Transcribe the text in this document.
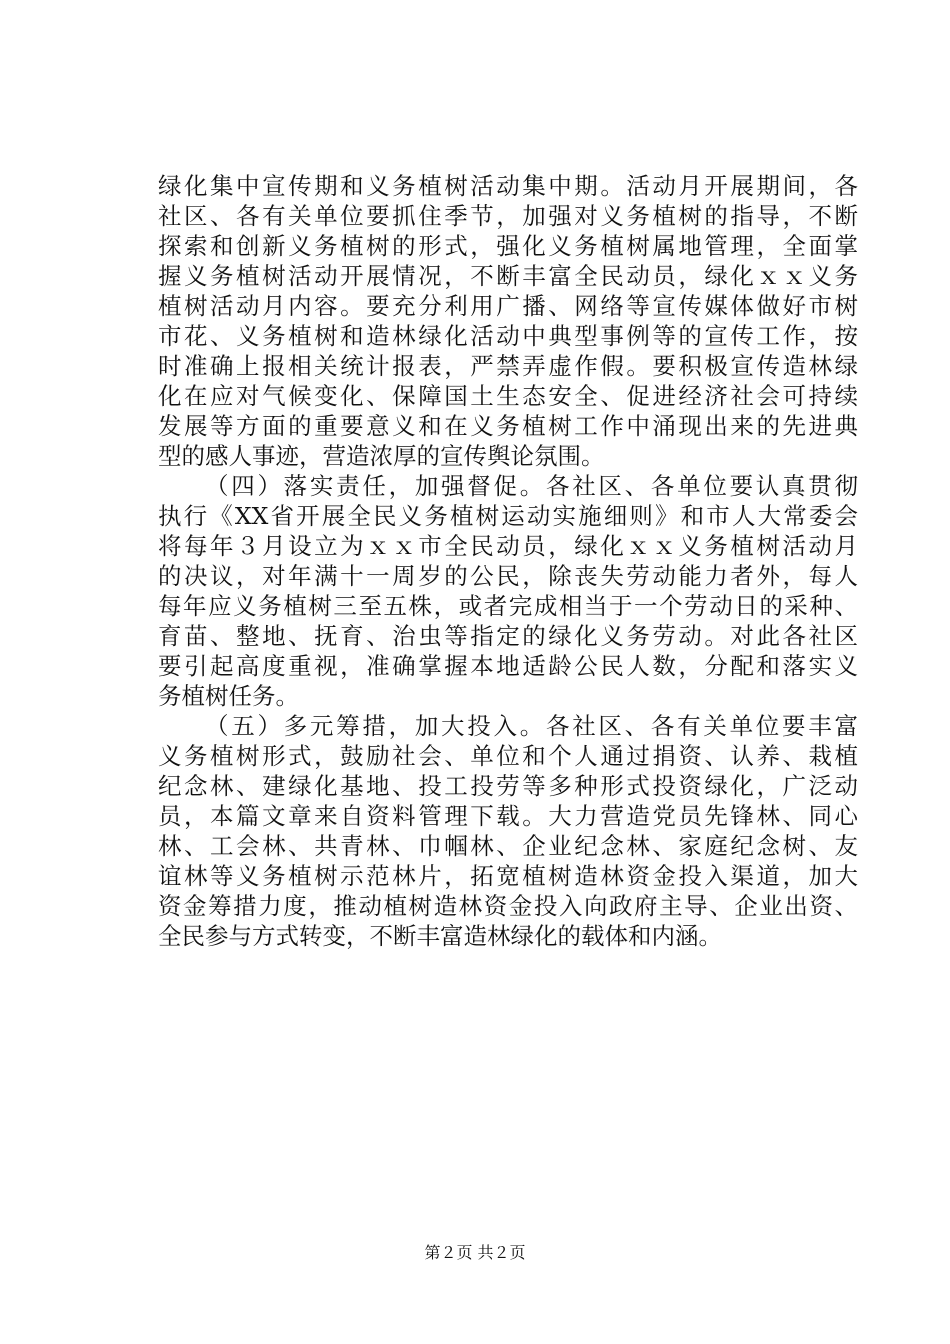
绿化集中宣传期和义务植树活动集中期。活动月开展期间，各
社区、各有关单位要抓住季节，加强对义务植树的指导，不断
探索和创新义务植树的形式，强化义务植树属地管理，全面掌
握义务植树活动开展情况，不断丰富全民动员，绿化ｘｘ义务
植树活动月内容。要充分利用广播、网络等宣传媒体做好市树
市花、义务植树和造林绿化活动中典型事例等的宣传工作，按
时准确上报相关统计报表，严禁弄虚作假。要积极宣传造林绿
化在应对气候变化、保障国土生态安全、促进经济社会可持续
发展等方面的重要意义和在义务植树工作中涌现出来的先进典
型的感人事迹，营造浓厚的宣传舆论氛围。
（四）落实责任，加强督促。各社区、各单位要认真贯彻
执行《XX省开展全民义务植树运动实施细则》和市人大常委会
将每年３月设立为ｘｘ市全民动员，绿化ｘｘ义务植树活动月
的决议，对年满十一周岁的公民，除丧失劳动能力者外，每人
每年应义务植树三至五株，或者完成相当于一个劳动日的采种、
育苗、整地、抚育、治虫等指定的绿化义务劳动。对此各社区
要引起高度重视，准确掌握本地适龄公民人数，分配和落实义
务植树任务。
（五）多元筹措，加大投入。各社区、各有关单位要丰富
义务植树形式，鼓励社会、单位和个人通过捐资、认养、栽植
纪念林、建绿化基地、投工投劳等多种形式投资绿化，广泛动
员，本篇文章来自资料管理下载。大力营造党员先锋林、同心
林、工会林、共青林、巾帼林、企业纪念林、家庭纪念树、友
谊林等义务植树示范林片，拓宽植树造林资金投入渠道，加大
资金筹措力度，推动植树造林资金投入向政府主导、企业出资、
全民参与方式转变，不断丰富造林绿化的载体和内涵。
第２页 共２页
